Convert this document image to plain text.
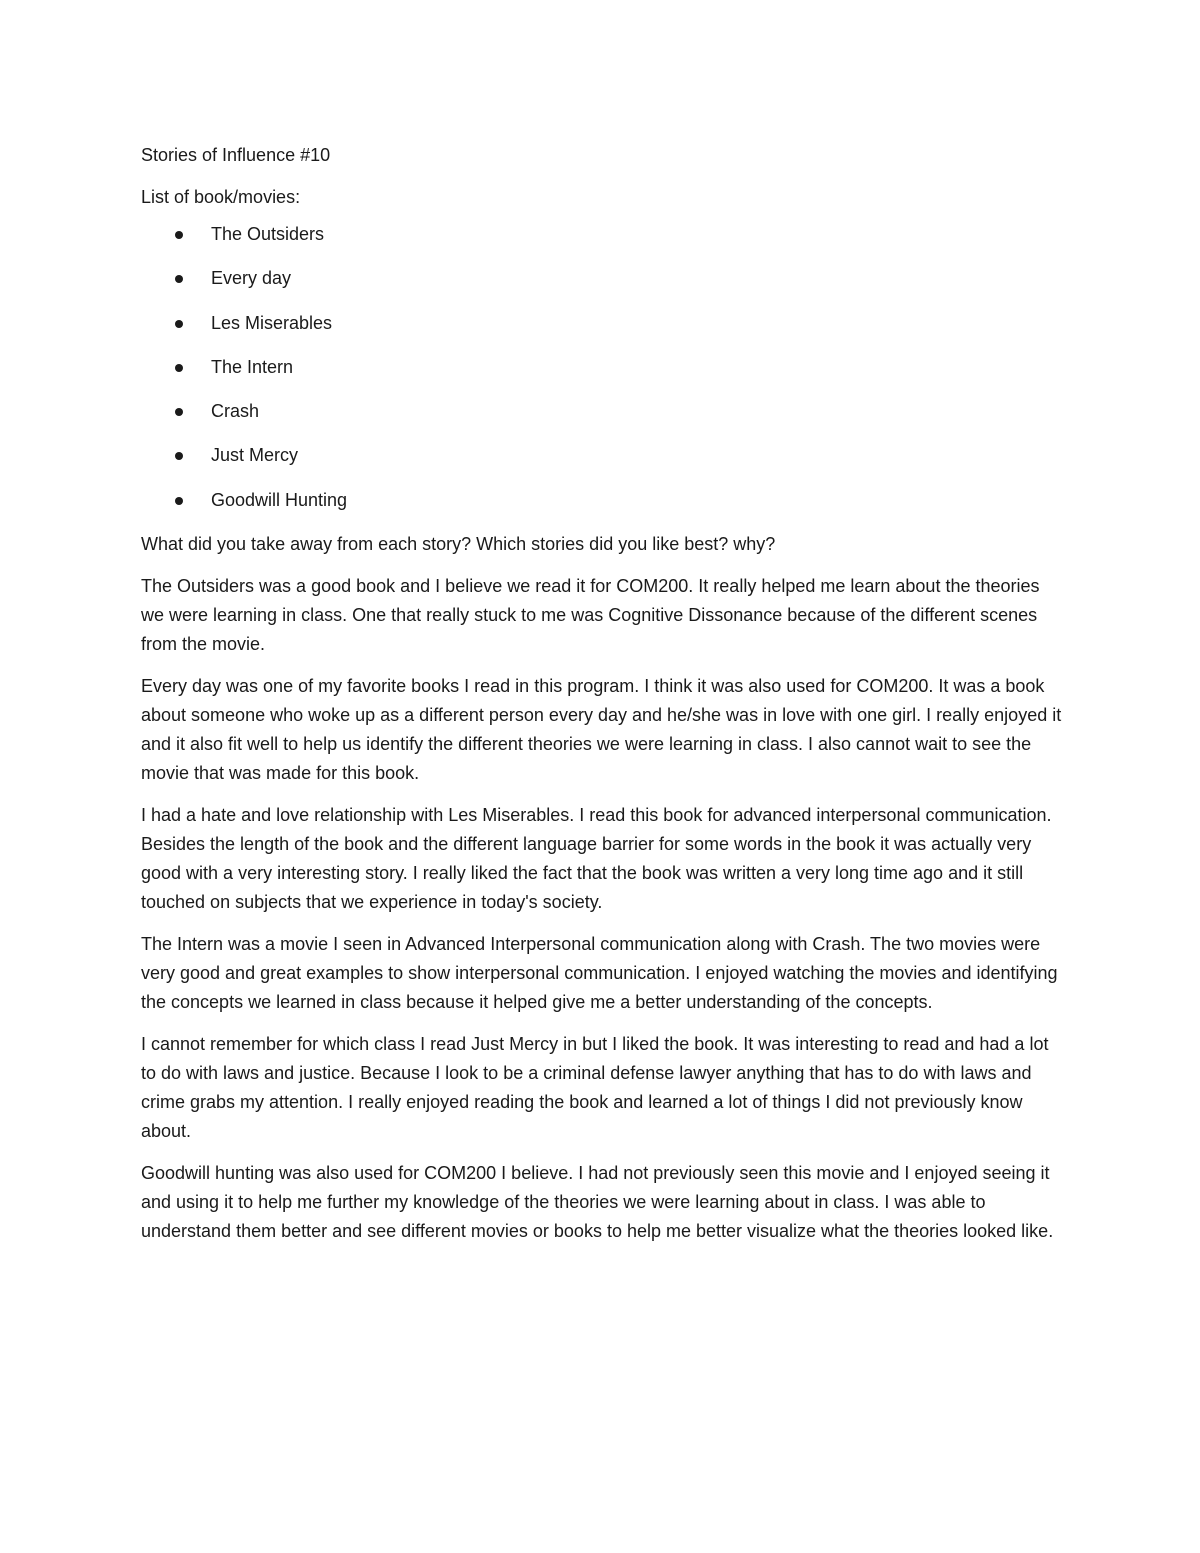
Stories of Influence #10
List of book/movies:
The Outsiders
Every day
Les Miserables
The Intern
Crash
Just Mercy
Goodwill Hunting
What did you take away from each story? Which stories did you like best? why?

The Outsiders was a good book and I believe we read it for COM200. It really helped me learn about the theories we were learning in class. One that really stuck to me was Cognitive Dissonance because of the different scenes from the movie.

Every day was one of my favorite books I read in this program. I think it was also used for COM200. It was a book about someone who woke up as a different person every day and he/she was in love with one girl. I really enjoyed it and it also fit well to help us identify the different theories we were learning in class. I also cannot wait to see the movie that was made for this book.

I had a hate and love relationship with Les Miserables. I read this book for advanced interpersonal communication. Besides the length of the book and the different language barrier for some words in the book it was actually very good with a very interesting story. I really liked the fact that the book was written a very long time ago and it still touched on subjects that we experience in today's society.

The Intern was a movie I seen in Advanced Interpersonal communication along with Crash. The two movies were very good and great examples to show interpersonal communication. I enjoyed watching the movies and identifying the concepts we learned in class because it helped give me a better understanding of the concepts.

I cannot remember for which class I read Just Mercy in but I liked the book. It was interesting to read and had a lot to do with laws and justice. Because I look to be a criminal defense lawyer anything that has to do with laws and crime grabs my attention. I really enjoyed reading the book and learned a lot of things I did not previously know about.

Goodwill hunting was also used for COM200 I believe. I had not previously seen this movie and I enjoyed seeing it and using it to help me further my knowledge of the theories we were learning about in class. I was able to understand them better and see different movies or books to help me better visualize what the theories looked like.
